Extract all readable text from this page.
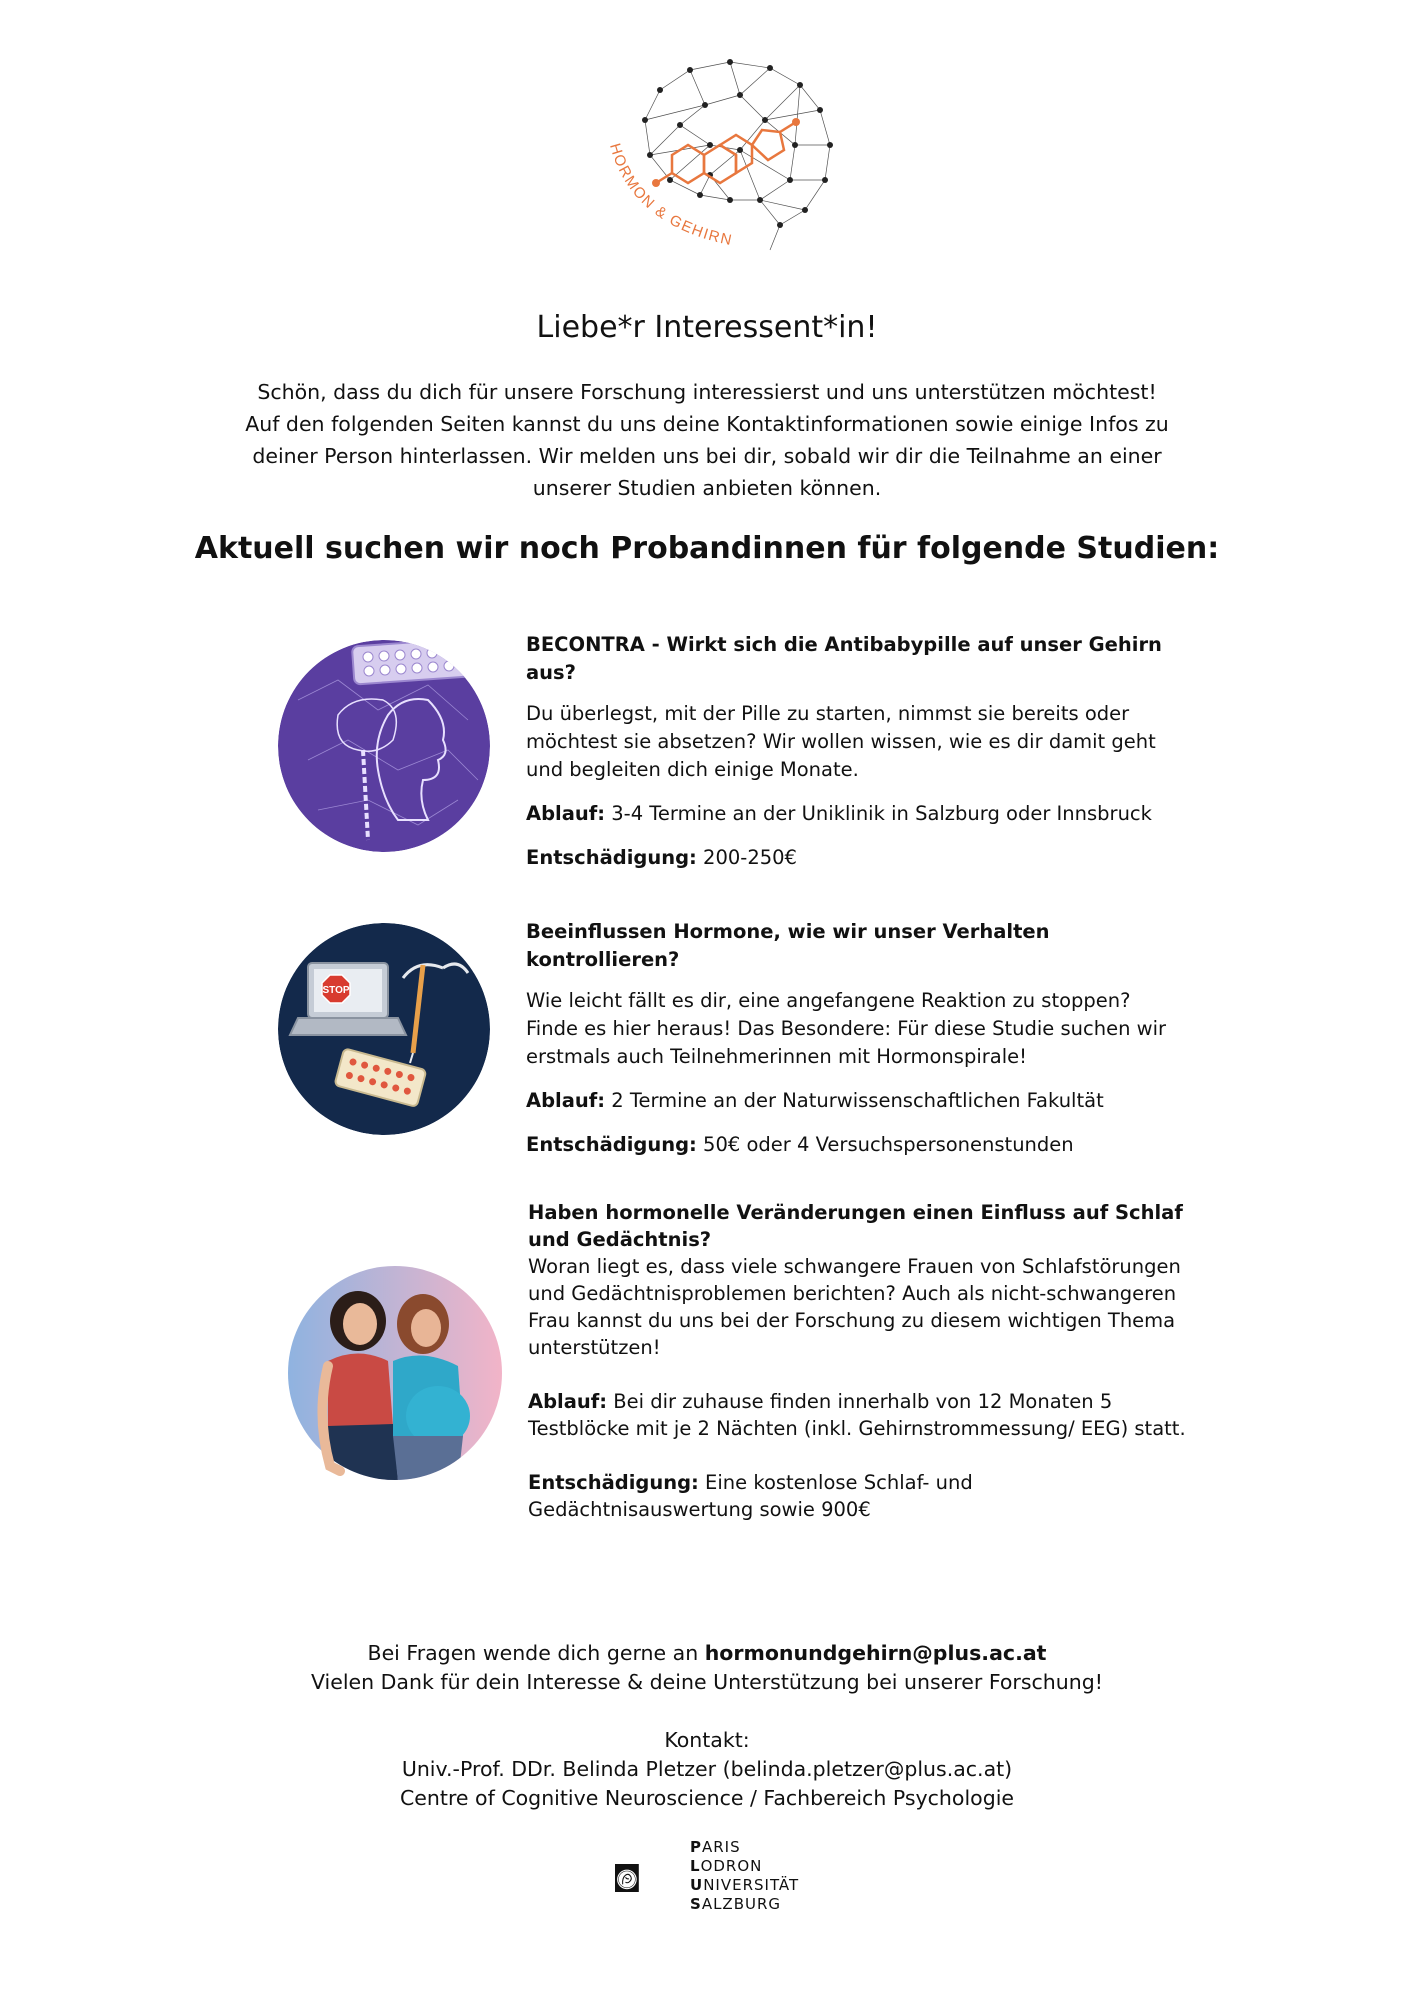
HORMON & GEHIRN
Liebe*r Interessent*in!

Schön, dass du dich für unsere Forschung interessierst und uns unterstützen möchtest! Auf den folgenden Seiten kannst du uns deine Kontaktinformationen sowie einige Infos zu deiner Person hinterlassen. Wir melden uns bei dir, sobald wir dir die Teilnahme an einer unserer Studien anbieten können.

Aktuell suchen wir noch Probandinnen für folgende Studien:
BECONTRA - Wirkt sich die Antibabypille auf unser Gehirn aus?

Du überlegst, mit der Pille zu starten, nimmst sie bereits oder möchtest sie absetzen? Wir wollen wissen, wie es dir damit geht und begleiten dich einige Monate.

Ablauf: 3-4 Termine an der Uniklinik in Salzburg oder Innsbruck

Entschädigung: 200-250€

STOP
Beeinflussen Hormone, wie wir unser Verhalten kontrollieren?

Wie leicht fällt es dir, eine angefangene Reaktion zu stoppen? Finde es hier heraus! Das Besondere: Für diese Studie suchen wir erstmals auch Teilnehmerinnen mit Hormonspirale!

Ablauf: 2 Termine an der Naturwissenschaftlichen Fakultät

Entschädigung: 50€ oder 4 Versuchspersonenstunden

Haben hormonelle Veränderungen einen Einfluss auf Schlaf und Gedächtnis?

Woran liegt es, dass viele schwangere Frauen von Schlafstörungen und Gedächtnisproblemen berichten? Auch als nicht-schwangeren Frau kannst du uns bei der Forschung zu diesem wichtigen Thema unterstützen!

Ablauf: Bei dir zuhause finden innerhalb von 12 Monaten 5 Testblöcke mit je 2 Nächten (inkl. Gehirnstrommessung/ EEG) statt.

Entschädigung: Eine kostenlose Schlaf- und Gedächtnisauswertung sowie 900€

Bei Fragen wende dich gerne an hormonundgehirn@plus.ac.at
Vielen Dank für dein Interesse & deine Unterstützung bei unserer Forschung!
Kontakt:
Univ.-Prof. DDr. Belinda Pletzer (belinda.pletzer@plus.ac.at)
Centre of Cognitive Neuroscience / Fachbereich Psychologie
PARIS
LODRON
UNIVERSITÄT
SALZBURG
